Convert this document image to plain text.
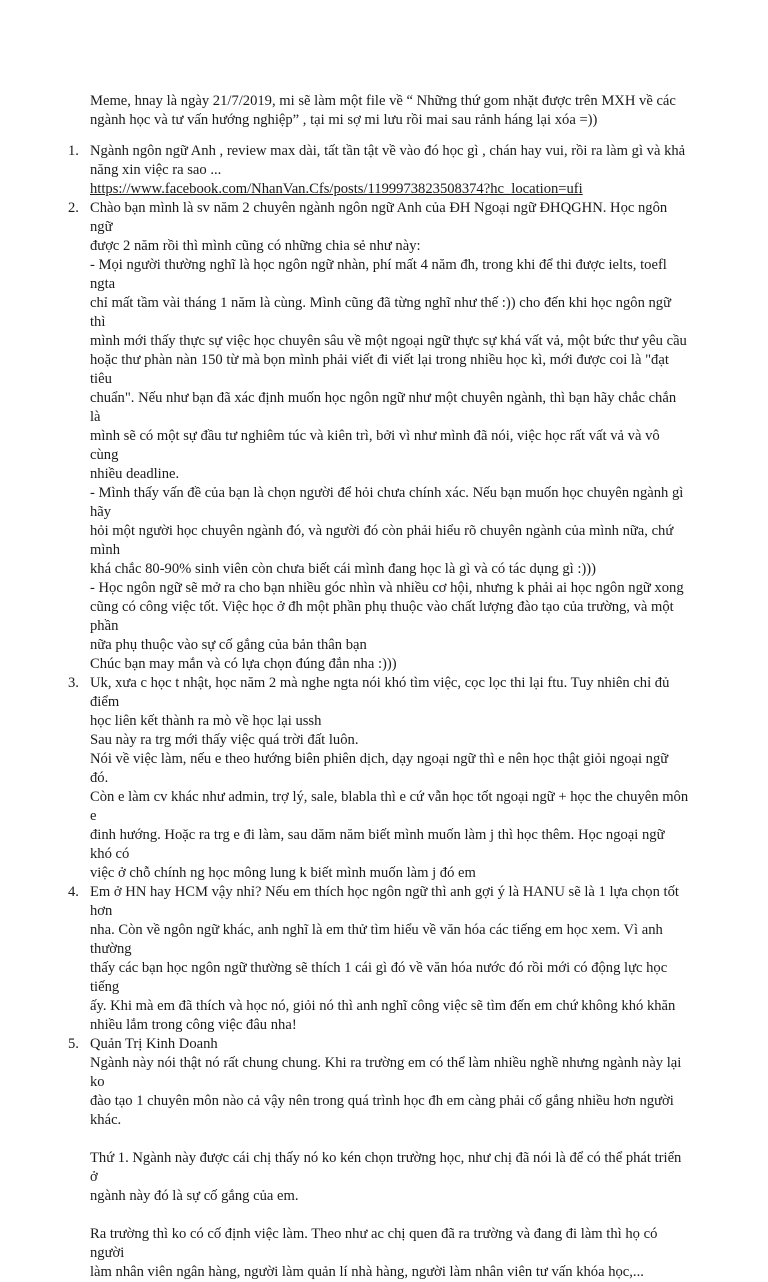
Meme, hnay là ngày 21/7/2019, mi sẽ làm một file về “ Những thứ gom nhặt được trên MXH về các
ngành học và tư vấn hướng nghiệp” , tại mi sợ mi lưu rồi mai sau rảnh háng lại xóa =))

1. Ngành ngôn ngữ Anh , review max dài, tất tần tật về vào đó học gì , chán hay vui, rồi ra làm gì và khả
năng xin việc ra sao ...

https://www.facebook.com/NhanVan.Cfs/posts/1199973823508374?hc_location=ufi
2. Chào bạn mình là sv năm 2 chuyên ngành ngôn ngữ Anh của ĐH Ngoại ngữ ĐHQGHN. Học ngôn ngữ
được 2 năm rồi thì mình cũng có những chia sẻ như này:
- Mọi người thường nghĩ là học ngôn ngữ nhàn, phí mất 4 năm đh, trong khi để thi được ielts, toefl ngta
chỉ mất tầm vài tháng 1 năm là cùng. Mình cũng đã từng nghĩ như thế :)) cho đến khi học ngôn ngữ thì
mình mới thấy thực sự việc học chuyên sâu về một ngoại ngữ thực sự khá vất vả, một bức thư yêu cầu
hoặc thư phàn nàn 150 từ mà bọn mình phải viết đi viết lại trong nhiều học kì, mới được coi là "đạt tiêu
chuẩn". Nếu như bạn đã xác định muốn học ngôn ngữ như một chuyên ngành, thì bạn hãy chắc chắn là
mình sẽ có một sự đầu tư nghiêm túc và kiên trì, bởi vì như mình đã nói, việc học rất vất vả và vô cùng
nhiều deadline.
- Mình thấy vấn đề của bạn là chọn người để hỏi chưa chính xác. Nếu bạn muốn học chuyên ngành gì hãy
hỏi một người học chuyên ngành đó, và người đó còn phải hiểu rõ chuyên ngành của mình nữa, chứ mình
khá chắc 80-90% sinh viên còn chưa biết cái mình đang học là gì và có tác dụng gì :)))
- Học ngôn ngữ sẽ mở ra cho bạn nhiều góc nhìn và nhiều cơ hội, nhưng k phải ai học ngôn ngữ xong
cũng có công việc tốt. Việc học ở đh một phần phụ thuộc vào chất lượng đào tạo của trường, và một phần
nữa phụ thuộc vào sự cố gắng của bản thân bạn
Chúc bạn may mắn và có lựa chọn đúng đắn nha :)))

3. Uk, xưa c học t nhật, học năm 2 mà nghe ngta nói khó tìm việc, cọc lọc thi lại ftu. Tuy nhiên chỉ đủ điểm
học liên kết thành ra mò về học lại ussh
Sau này ra trg mới thấy việc quá trời đất luôn.
Nói về việc làm, nếu e theo hướng biên phiên dịch, dạy ngoại ngữ thì e nên học thật giỏi ngoại ngữ đó.
Còn e làm cv khác như admin, trợ lý, sale, blabla thì e cứ vẫn học tốt ngoại ngữ + học the chuyên môn e
đinh hướng. Hoặc ra trg e đi làm, sau dăm năm biết mình muốn làm j thì học thêm. Học ngoại ngữ khó có
việc ở chỗ chính ng học mông lung k biết mình muốn làm j đó em

4. Em ở HN hay HCM vậy nhỉ? Nếu em thích học ngôn ngữ thì anh gợi ý là HANU sẽ là 1 lựa chọn tốt hơn
nha. Còn về ngôn ngữ khác, anh nghĩ là em thử tìm hiểu về văn hóa các tiếng em học xem. Vì anh thường
thấy các bạn học ngôn ngữ thường sẽ thích 1 cái gì đó về văn hóa nước đó rồi mới có động lực học tiếng
ấy. Khi mà em đã thích và học nó, giỏi nó thì anh nghĩ công việc sẽ tìm đến em chứ không khó khăn
nhiều lắm trong công việc đâu nha!

5. Quản Trị Kinh Doanh
Ngành này nói thật nó rất chung chung. Khi ra trường em có thể làm nhiều nghề nhưng ngành này lại ko
đào tạo 1 chuyên môn nào cả vậy nên trong quá trình học đh em càng phải cố gắng nhiều hơn người khác.

Thứ 1. Ngành này được cái chị thấy nó ko kén chọn trường học, như chị đã nói là để có thể phát triển ở
ngành này đó là sự cố gắng của em.

Ra trường thì ko có cố định việc làm. Theo như ac chị quen đã ra trường và đang đi làm thì họ có người
làm nhân viên ngân hàng, người làm quản lí nhà hàng, người làm nhân viên tư vấn khóa học,...
